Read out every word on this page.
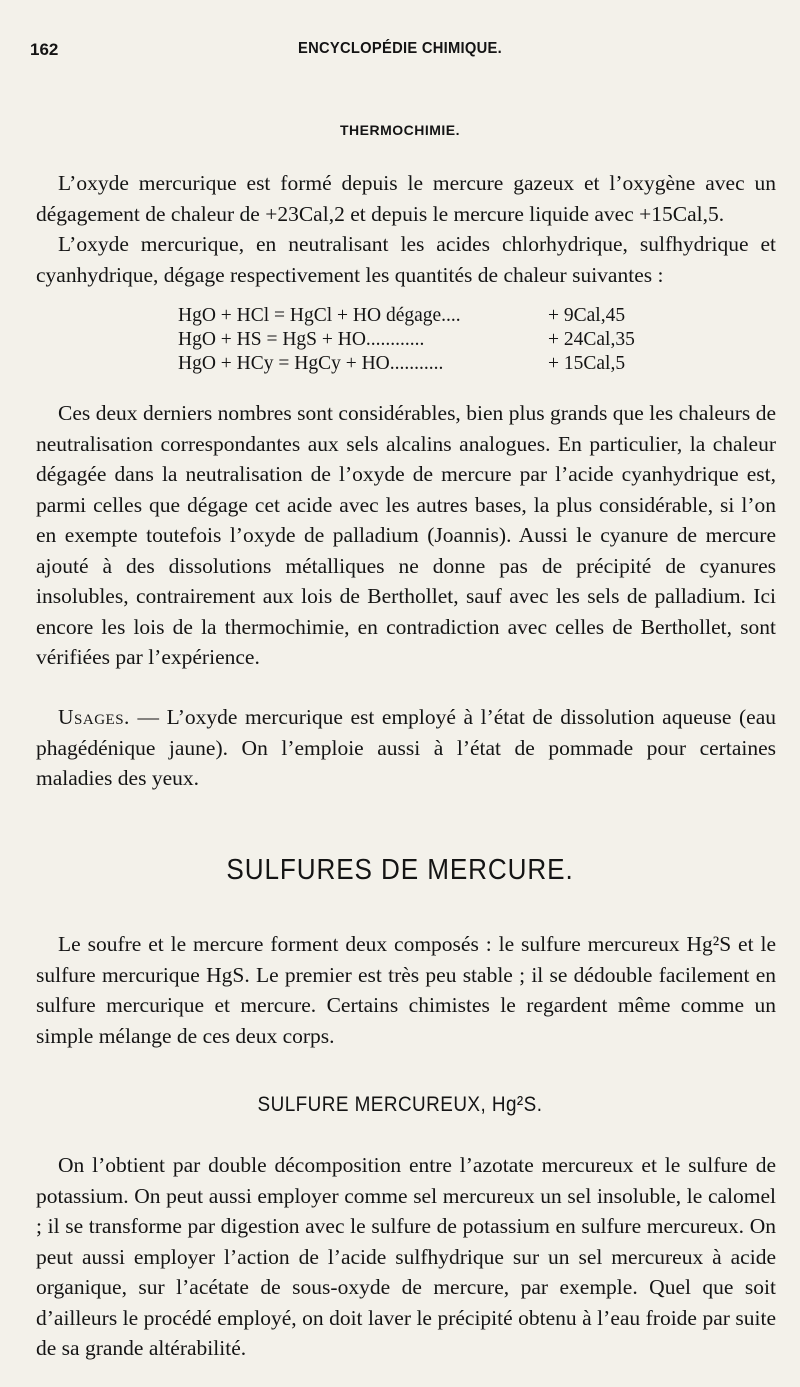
162	ENCYCLOPÉDIE CHIMIQUE.
THERMOCHIMIE.

L’oxyde mercurique est formé depuis le mercure gazeux et l’oxygène avec un dégagement de chaleur de +23Cal,2 et depuis le mercure liquide avec +15Cal,5.

L’oxyde mercurique, en neutralisant les acides chlorhydrique, sulfhydrique et cyanhydrique, dégage respectivement les quantités de chaleur suivantes :

HgO + HCl = HgCl + HO dégage....	+ 9Cal,45
HgO + HS = HgS + HO............	+ 24Cal,35
HgO + HCy = HgCy + HO...........	+ 15Cal,5

Ces deux derniers nombres sont considérables, bien plus grands que les chaleurs de neutralisation correspondantes aux sels alcalins analogues. En particulier, la chaleur dégagée dans la neutralisation de l’oxyde de mercure par l’acide cyanhydrique est, parmi celles que dégage cet acide avec les autres bases, la plus considérable, si l’on en exempte toutefois l’oxyde de palladium (Joannis). Aussi le cyanure de mercure ajouté à des dissolutions métalliques ne donne pas de précipité de cyanures insolubles, contrairement aux lois de Berthollet, sauf avec les sels de palladium. Ici encore les lois de la thermochimie, en contradiction avec celles de Berthollet, sont vérifiées par l’expérience.

Usages. — L’oxyde mercurique est employé à l’état de dissolution aqueuse (eau phagédénique jaune). On l’emploie aussi à l’état de pommade pour certaines maladies des yeux.

SULFURES DE MERCURE.

Le soufre et le mercure forment deux composés : le sulfure mercureux Hg²S et le sulfure mercurique HgS. Le premier est très peu stable ; il se dédouble facilement en sulfure mercurique et mercure. Certains chimistes le regardent même comme un simple mélange de ces deux corps.

SULFURE MERCUREUX, Hg²S.

On l’obtient par double décomposition entre l’azotate mercureux et le sulfure de potassium. On peut aussi employer comme sel mercureux un sel insoluble, le calomel ; il se transforme par digestion avec le sulfure de potassium en sulfure mercureux. On peut aussi employer l’action de l’acide sulfhydrique sur un sel mercureux à acide organique, sur l’acétate de sous-oxyde de mercure, par exemple. Quel que soit d’ailleurs le procédé employé, on doit laver le précipité obtenu à l’eau froide par suite de sa grande altérabilité.
